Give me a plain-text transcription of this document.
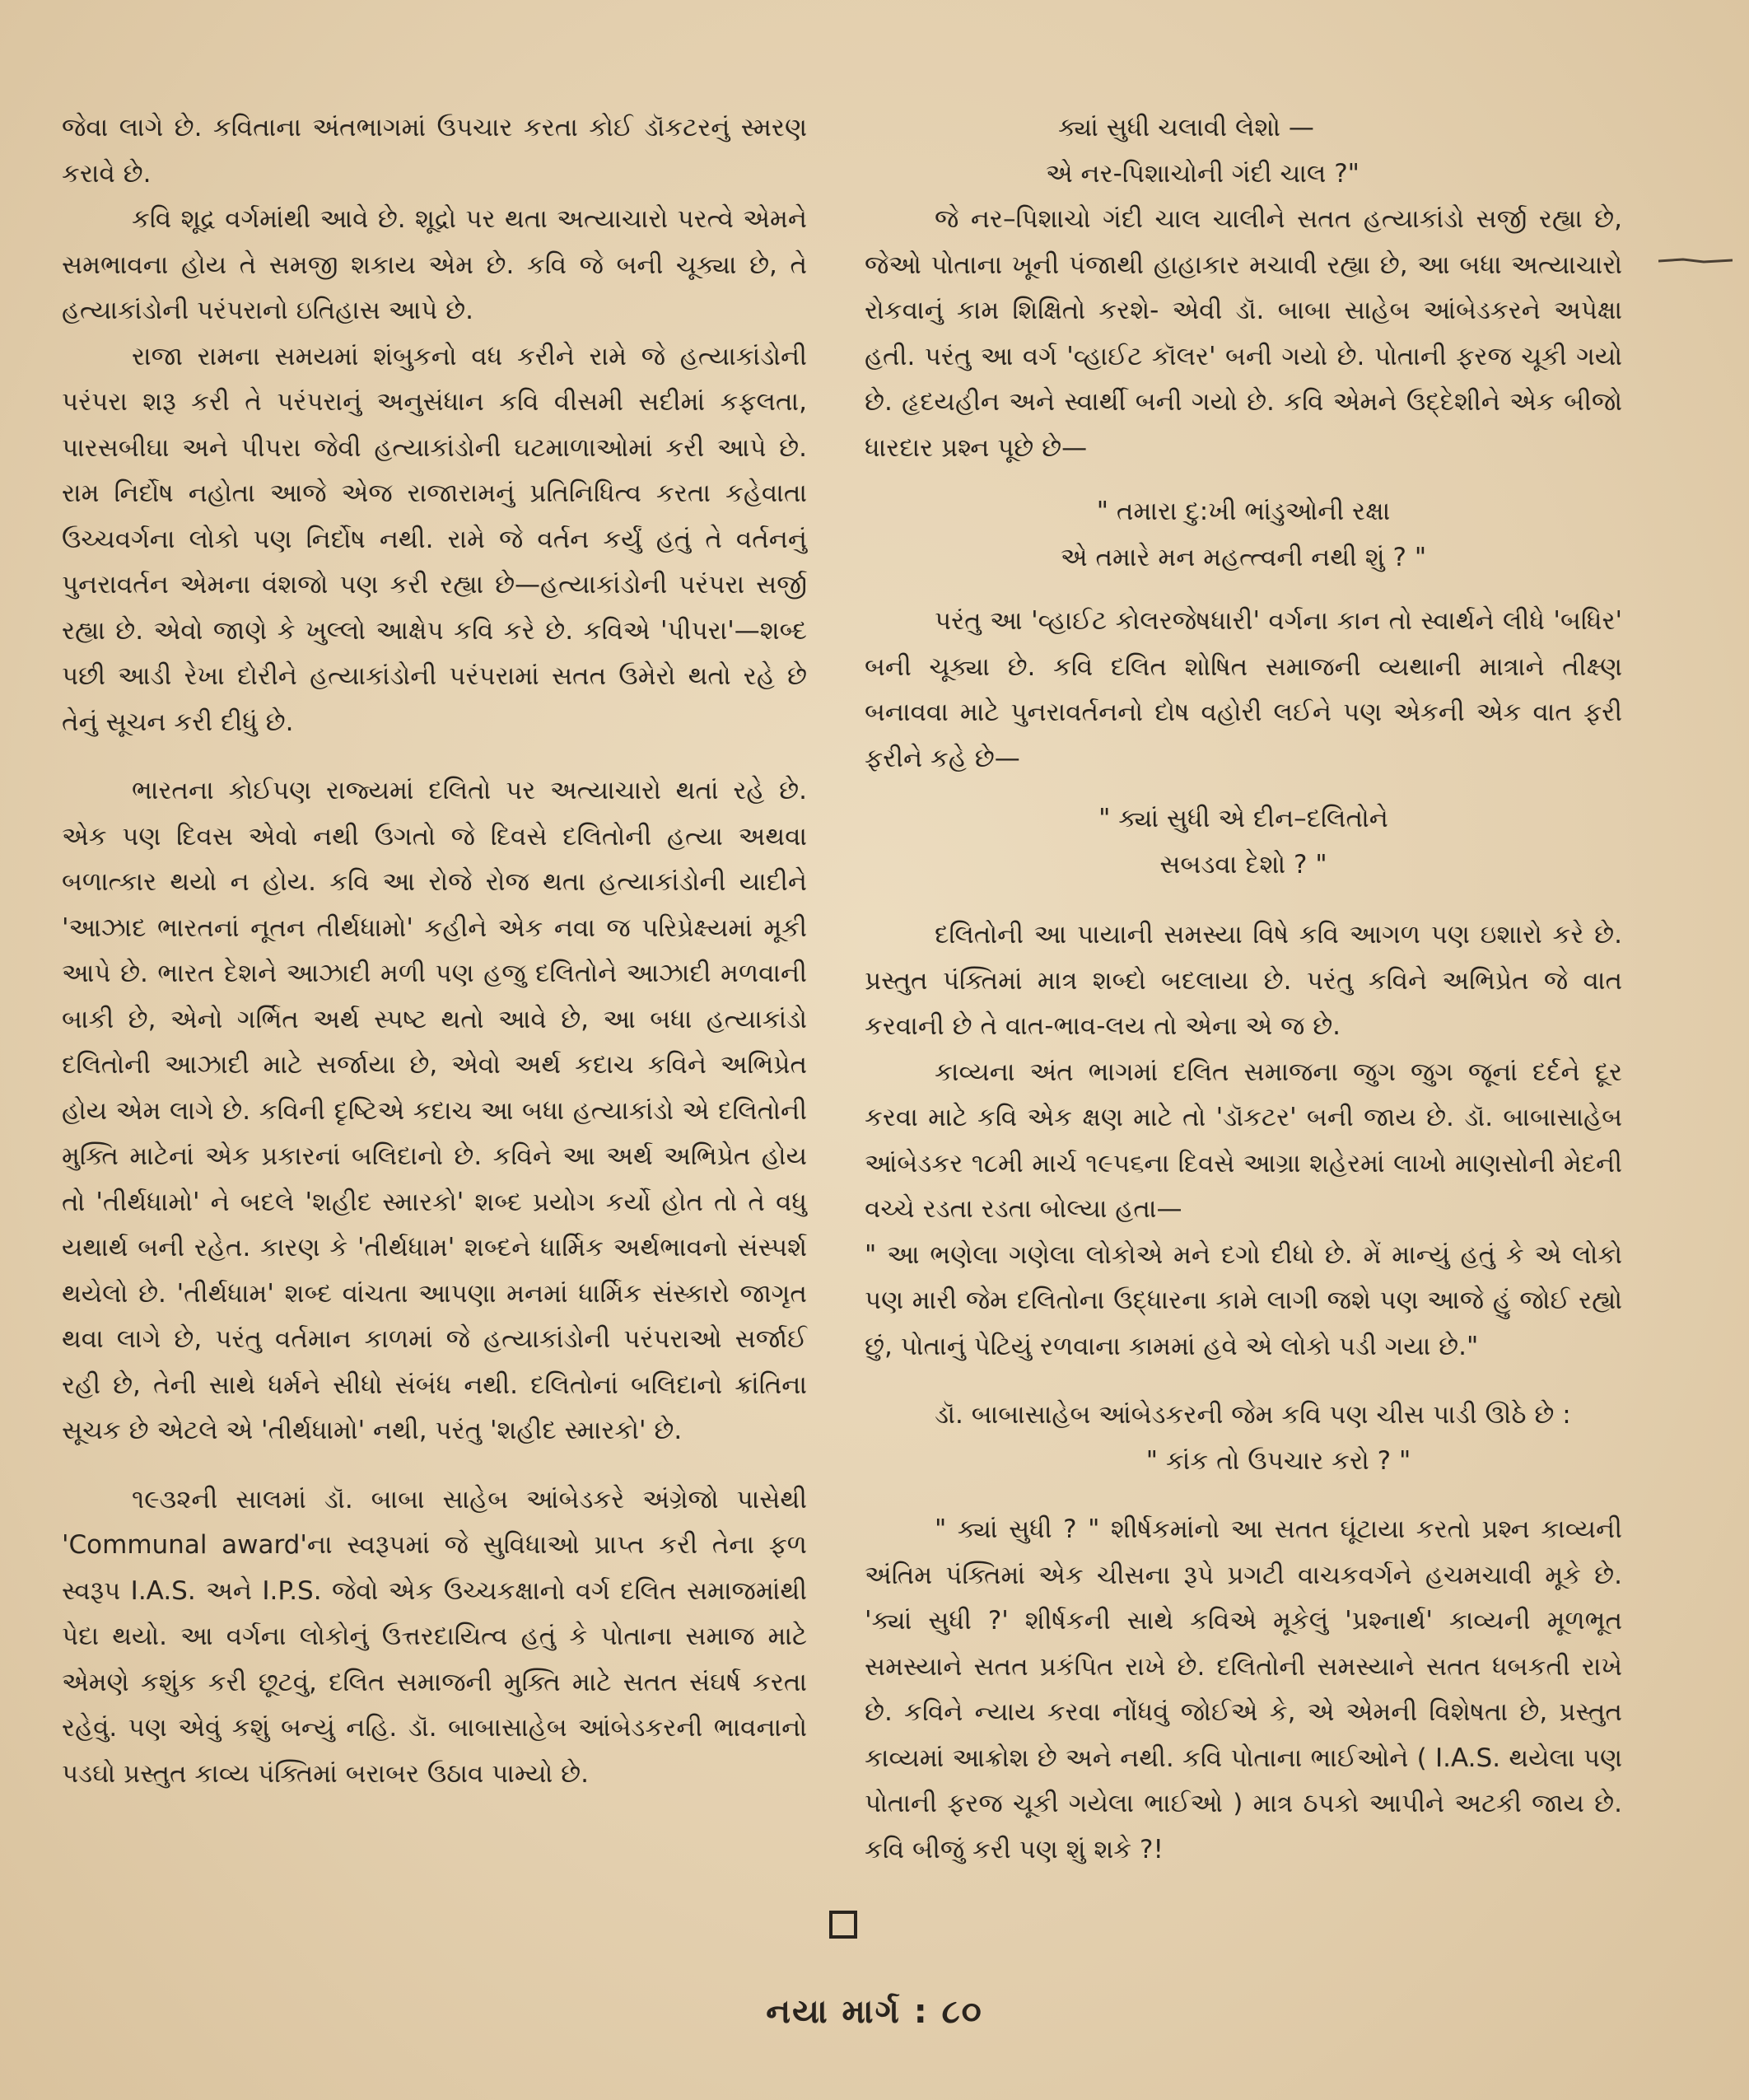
જેવા લાગે છે. કવિતાના અંતભાગમાં ઉપચાર કરતા કોઈ ડૉકટરનું સ્મરણ કરાવે છે.

કવિ શૂદ્ર વર્ગમાંથી આવે છે. શૂદ્રો પર થતા અત્યાચારો પરત્વે એમને સમભાવના હોય તે સમજી શકાય એમ છે. કવિ જે બની ચૂક્યા છે, તે હત્યાકાંડોની પરંપરાનો ઇતિહાસ આપે છે.

રાજા રામના સમયમાં શંબુકનો વધ કરીને રામે જે હત્યાકાંડોની પરંપરા શરૂ કરી તે પરંપરાનું અનુસંધાન કવિ વીસમી સદીમાં કફલતા, પારસબીઘા અને પીપરા જેવી હત્યાકાંડોની ઘટમાળાઓમાં કરી આપે છે. રામ નિર્દોષ નહોતા આજે એજ રાજારામનું પ્રતિનિધિત્વ કરતા કહેવાતા ઉચ્ચવર્ગના લોકો પણ નિર્દોષ નથી. રામે જે વર્તન કર્યું હતું તે વર્તનનું પુનરાવર્તન એમના વંશજો પણ કરી રહ્યા છે—હત્યાકાંડોની પરંપરા સર્જી રહ્યા છે. એવો જાણે કે ખુલ્લો આક્ષેપ કવિ કરે છે. કવિએ 'પીપરા'—શબ્દ પછી આડી રેખા દોરીને હત્યાકાંડોની પરંપરામાં સતત ઉમેરો થતો રહે છે તેનું સૂચન કરી દીધું છે.

ભારતના કોઈપણ રાજ્યમાં દલિતો પર અત્યાચારો થતાં રહે છે. એક પણ દિવસ એવો નથી ઉગતો જે દિવસે દલિતોની હત્યા અથવા બળાત્કાર થયો ન હોય. કવિ આ રોજે રોજ થતા હત્યાકાંડોની યાદીને 'આઝાદ ભારતનાં નૂતન તીર્થધામો' કહીને એક નવા જ પરિપ્રેક્ષ્યમાં મૂકી આપે છે. ભારત દેશને આઝાદી મળી પણ હજુ દલિતોને આઝાદી મળવાની બાકી છે, એનો ગર્ભિત અર્થ સ્પષ્ટ થતો આવે છે, આ બધા હત્યાકાંડો દલિતોની આઝાદી માટે સર્જાયા છે, એવો અર્થ કદાચ કવિને અભિપ્રેત હોય એમ લાગે છે. કવિની દૃષ્ટિએ કદાચ આ બધા હત્યાકાંડો એ દલિતોની મુક્તિ માટેનાં એક પ્રકારનાં બલિદાનો છે. કવિને આ અર્થ અભિપ્રેત હોય તો 'તીર્થધામો' ને બદલે 'શહીદ સ્મારકો' શબ્દ પ્રયોગ કર્યો હોત તો તે વધુ યથાર્થ બની રહેત. કારણ કે 'તીર્થધામ' શબ્દને ધાર્મિક અર્થભાવનો સંસ્પર્શ થયેલો છે. 'તીર્થધામ' શબ્દ વાંચતા આપણા મનમાં ધાર્મિક સંસ્કારો જાગૃત થવા લાગે છે, પરંતુ વર્તમાન કાળમાં જે હત્યાકાંડોની પરંપરાઓ સર્જાઈ રહી છે, તેની સાથે ધર્મને સીધો સંબંધ નથી. દલિતોનાં બલિદાનો ક્રાંતિના સૂચક છે એટલે એ 'તીર્થધામો' નથી, પરંતુ 'શહીદ સ્મારકો' છે.

૧૯૩૨ની સાલમાં ડૉ. બાબા સાહેબ આંબેડકરે અંગ્રેજો પાસેથી 'Communal award'ના સ્વરૂપમાં જે સુવિધાઓ પ્રાપ્ત કરી તેના ફળ સ્વરૂપ I.A.S. અને I.P.S. જેવો એક ઉચ્ચકક્ષાનો વર્ગ દલિત સમાજમાંથી પેદા થયો. આ વર્ગના લોકોનું ઉત્તરદાયિત્વ હતું કે પોતાના સમાજ માટે એમણે કશુંક કરી છૂટવું, દલિત સમાજની મુક્તિ માટે સતત સંઘર્ષ કરતા રહેવું. પણ એવું કશું બન્યું નહિ. ડૉ. બાબાસાહેબ આંબેડકરની ભાવનાનો પડઘો પ્રસ્તુત કાવ્ય પંક્તિમાં બરાબર ઉઠાવ પામ્યો છે.

ક્યાં સુધી ચલાવી લેશો —
એ નર-પિશાચોની ગંદી ચાલ ?"

જે નર–પિશાચો ગંદી ચાલ ચાલીને સતત હત્યાકાંડો સર્જી રહ્યા છે, જેઓ પોતાના ખૂની પંજાથી હાહાકાર મચાવી રહ્યા છે, આ બધા અત્યાચારો રોકવાનું કામ શિક્ષિતો કરશે- એવી ડૉ. બાબા સાહેબ આંબેડકરને અપેક્ષા હતી. પરંતુ આ વર્ગ 'વ્હાઈટ કૉલર' બની ગયો છે. પોતાની ફરજ ચૂકી ગયો છે. હૃદયહીન અને સ્વાર્થી બની ગયો છે. કવિ એમને ઉદ્દેશીને એક બીજો ધારદાર પ્રશ્ન પૂછે છે—

" તમારા દુ:ખી ભાંડુઓની રક્ષા
એ તમારે મન મહત્ત્વની નથી શું ? "

પરંતુ આ 'વ્હાઈટ કોલરજેષધારી' વર્ગના કાન તો સ્વાર્થને લીધે 'બધિર' બની ચૂક્યા છે. કવિ દલિત શોષિત સમાજની વ્યથાની માત્રાને તીક્ષ્ણ બનાવવા માટે પુનરાવર્તનનો દોષ વહોરી લઈને પણ એકની એક વાત ફરી ફરીને કહે છે—

" ક્યાં સુધી એ દીન–દલિતોને
સબડવા દેશો ? "

દલિતોની આ પાયાની સમસ્યા વિષે કવિ આગળ પણ ઇશારો કરે છે. પ્રસ્તુત પંક્તિમાં માત્ર શબ્દો બદલાયા છે. પરંતુ કવિને અભિપ્રેત જે વાત કરવાની છે તે વાત-ભાવ-લય તો એના એ જ છે.

કાવ્યના અંત ભાગમાં દલિત સમાજના જુગ જુગ જૂનાં દર્દને દૂર કરવા માટે કવિ એક ક્ષણ માટે તો 'ડૉકટર' બની જાય છે. ડૉ. બાબાસાહેબ આંબેડકર ૧૮મી માર્ચ ૧૯૫૬ના દિવસે આગ્રા શહેરમાં લાખો માણસોની મેદની વચ્ચે રડતા રડતા બોલ્યા હતા—

" આ ભણેલા ગણેલા લોકોએ મને દગો દીધો છે. મેં માન્યું હતું કે એ લોકો પણ મારી જેમ દલિતોના ઉદ્ધારના કામે લાગી જશે પણ આજે હું જોઈ રહ્યો છું, પોતાનું પેટિયું રળવાના કામમાં હવે એ લોકો પડી ગયા છે."

ડૉ. બાબાસાહેબ આંબેડકરની જેમ કવિ પણ ચીસ પાડી ઊઠે છે :

" કાંક તો ઉપચાર કરો ? "

" ક્યાં સુધી ? " શીર્ષકમાંનો આ સતત ઘૂંટાયા કરતો પ્રશ્ન કાવ્યની અંતિમ પંક્તિમાં એક ચીસના રૂપે પ્રગટી વાચકવર્ગને હચમચાવી મૂકે છે. 'ક્યાં સુધી ?' શીર્ષકની સાથે કવિએ મૂકેલું 'પ્રશ્નાર્થ' કાવ્યની મૂળભૂત સમસ્યાને સતત પ્રકંપિત રાખે છે. દલિતોની સમસ્યાને સતત ધબકતી રાખે છે. કવિને ન્યાય કરવા નોંધવું જોઈએ કે, એ એમની વિશેષતા છે, પ્રસ્તુત કાવ્યમાં આક્રોશ છે અને નથી. કવિ પોતાના ભાઈઓને ( I.A.S. થયેલા પણ પોતાની ફરજ ચૂકી ગયેલા ભાઈઓ ) માત્ર ઠપકો આપીને અટકી જાય છે. કવિ બીજું કરી પણ શું શકે ?!

નયા માર્ગ : ૮૦
